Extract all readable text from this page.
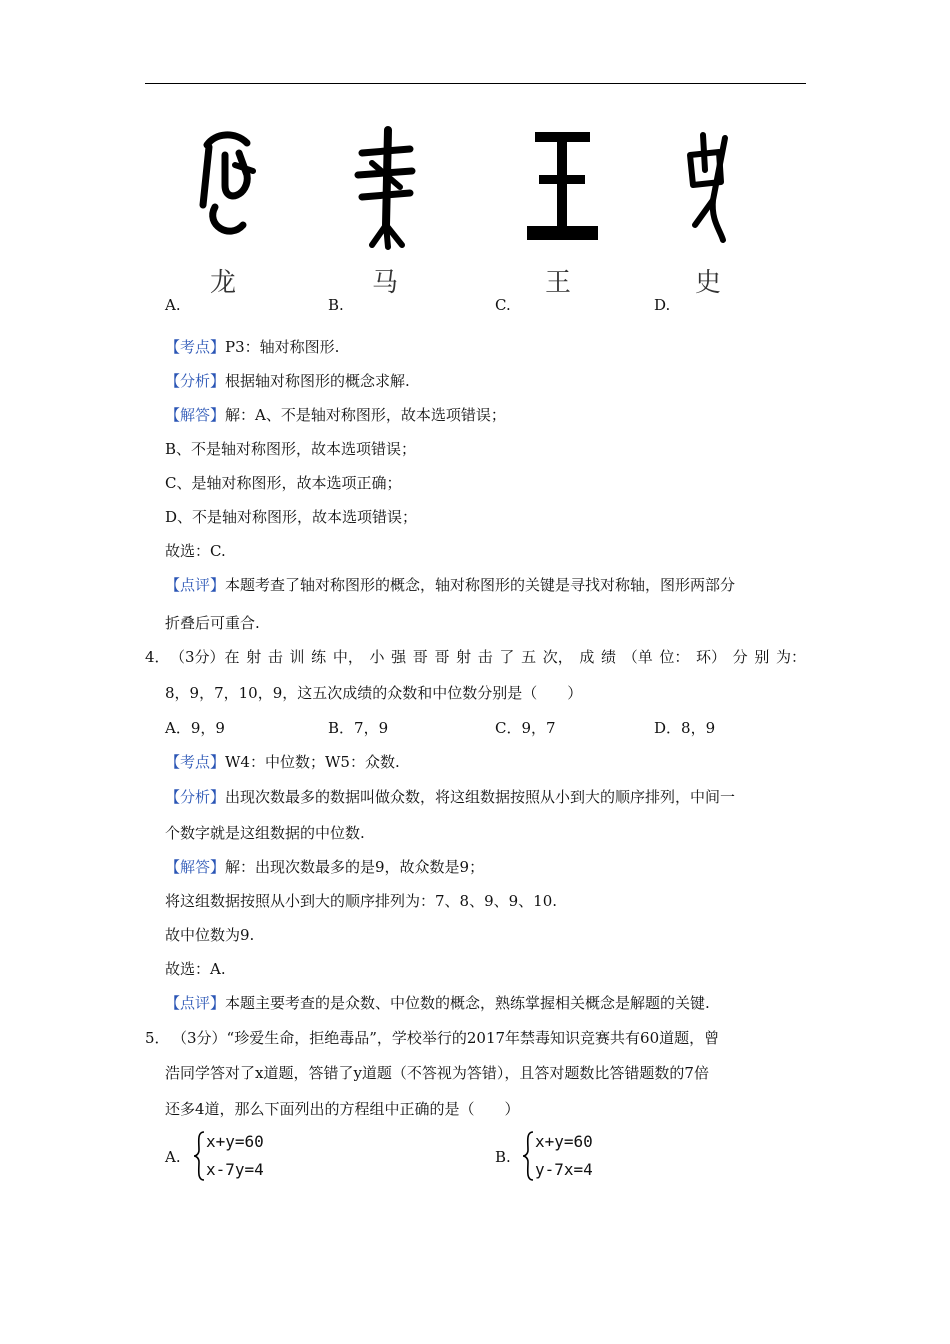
龙	马	王	史
A.	B.	C.	D.
【考点】P3：轴对称图形.
【分析】根据轴对称图形的概念求解.
【解答】解：A、不是轴对称图形，故本选项错误；
B、不是轴对称图形，故本选项错误；
C、是轴对称图形，故本选项正确；
D、不是轴对称图形，故本选项错误；
故选：C.
【点评】本题考查了轴对称图形的概念，轴对称图形的关键是寻找对称轴，图形两部分
折叠后可重合.
4． （3分）在 射 击 训 练 中， 小 强 哥 哥 射 击 了 五 次， 成 绩 （单 位： 环） 分 别 为：
8，9，7，10，9，这五次成绩的众数和中位数分别是（　　）
A．9，9	B．7，9	C．9，7	D．8，9
【考点】W4：中位数；W5：众数.
【分析】出现次数最多的数据叫做众数，将这组数据按照从小到大的顺序排列，中间一
个数字就是这组数据的中位数.
【解答】解：出现次数最多的是9，故众数是9；
将这组数据按照从小到大的顺序排列为：7、8、9、9、10.
故中位数为9.
故选：A.
【点评】本题主要考查的是众数、中位数的概念，熟练掌握相关概念是解题的关键.
5． （3分）“珍爱生命，拒绝毒品”，学校举行的2017年禁毒知识竞赛共有60道题，曾
浩同学答对了x道题，答错了y道题（不答视为答错），且答对题数比答错题数的7倍
还多4道，那么下面列出的方程组中正确的是（　　）
A.
x+y=60
x-7y=4
B.
x+y=60
y-7x=4
